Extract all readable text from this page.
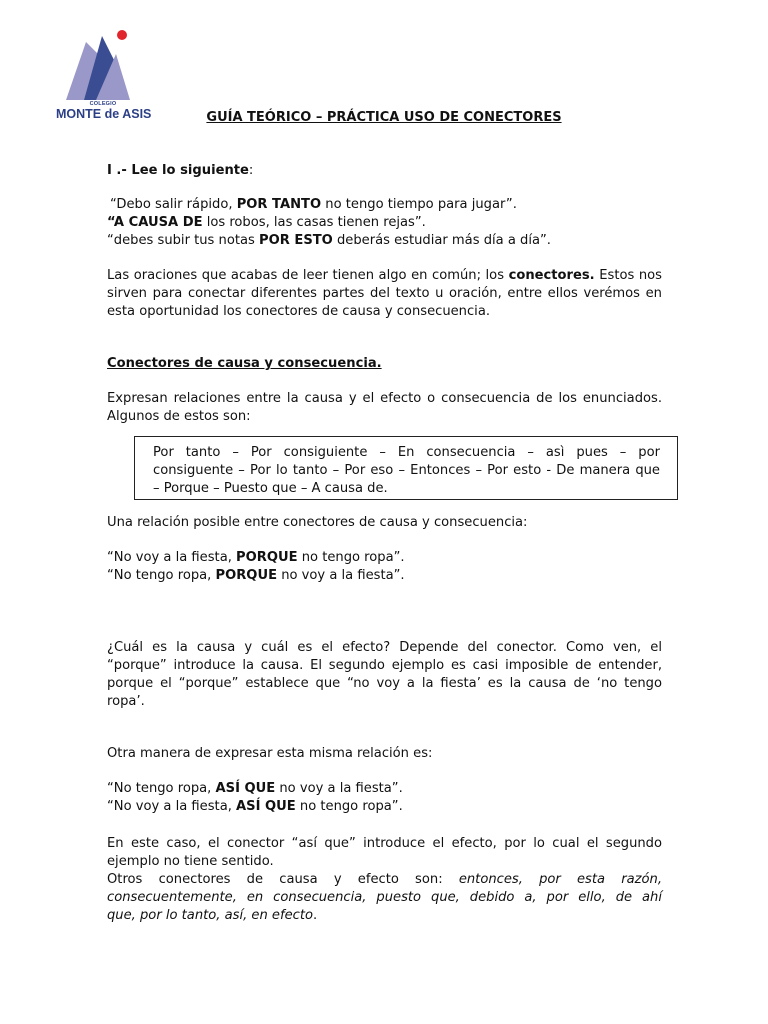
COLEGIO
MONTE de ASIS	GUÍA TEÓRICO – PRÁCTICA USO DE CONECTORES
I .- Lee lo siguiente:
“Debo salir rápido, POR TANTO no tengo tiempo para jugar”.
“A CAUSA DE los robos, las casas tienen rejas”.
“debes subir tus notas POR ESTO deberás estudiar más día a día”.
Las oraciones que acabas de leer tienen algo en común; los conectores. Estos nos
sirven para conectar diferentes partes del texto u oración, entre ellos verémos en
esta oportunidad los conectores de causa y consecuencia.
Conectores de causa y consecuencia.
Expresan relaciones entre la causa y el efecto o consecuencia de los enunciados.
Algunos de estos son:
Por tanto – Por consiguiente – En consecuencia – asì pues – por
consiguente – Por lo tanto – Por eso – Entonces – Por esto - De manera que
– Porque – Puesto que – A causa de.
Una relación posible entre conectores de causa y consecuencia:
“No voy a la fiesta, PORQUE no tengo ropa”.
“No tengo ropa, PORQUE no voy a la fiesta”.
¿Cuál es la causa y cuál es el efecto? Depende del conector. Como ven, el
“porque” introduce la causa. El segundo ejemplo es casi imposible de entender,
porque el “porque” establece que “no voy a la fiesta’ es la causa de ‘no tengo
ropa’.
Otra manera de expresar esta misma relación es:
“No tengo ropa, ASÍ QUE no voy a la fiesta”.
“No voy a la fiesta, ASÍ QUE no tengo ropa”.
En este caso, el conector “así que” introduce el efecto, por lo cual el segundo
ejemplo no tiene sentido.
Otros conectores de causa y efecto son: entonces, por esta razón,
consecuentemente, en consecuencia, puesto que, debido a, por ello, de ahí
que, por lo tanto, así, en efecto.
